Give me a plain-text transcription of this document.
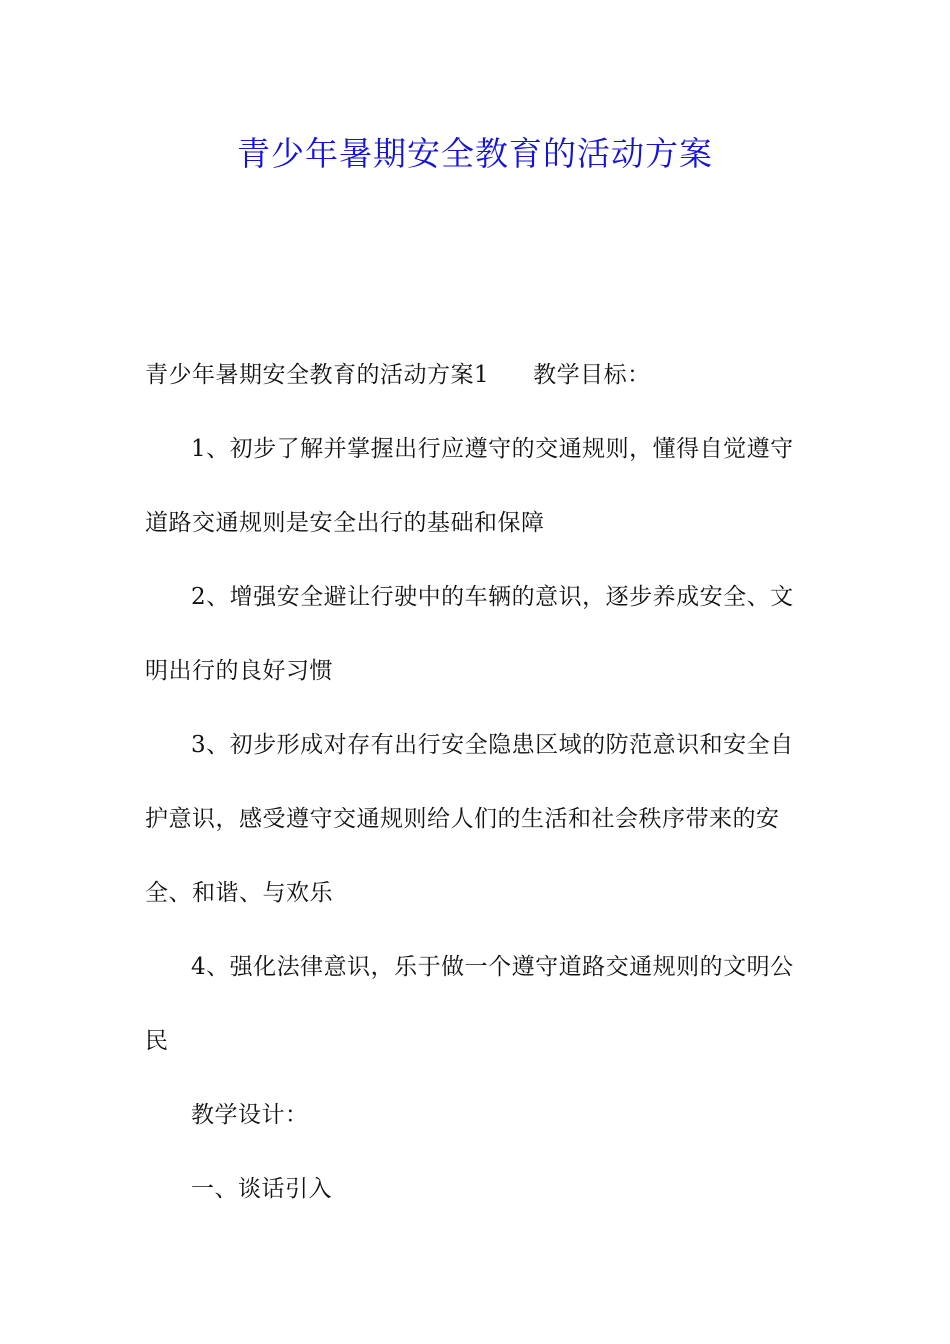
青少年暑期安全教育的活动方案

青少年暑期安全教育的活动方案1 教学目标：

1、初步了解并掌握出行应遵守的交通规则，懂得自觉遵守道路交通规则是安全出行的基础和保障

2、增强安全避让行驶中的车辆的意识，逐步养成安全、文明出行的良好习惯

3、初步形成对存有出行安全隐患区域的防范意识和安全自护意识，感受遵守交通规则给人们的生活和社会秩序带来的安全、和谐、与欢乐

4、强化法律意识，乐于做一个遵守道路交通规则的文明公民

教学设计：

一、谈话引入
